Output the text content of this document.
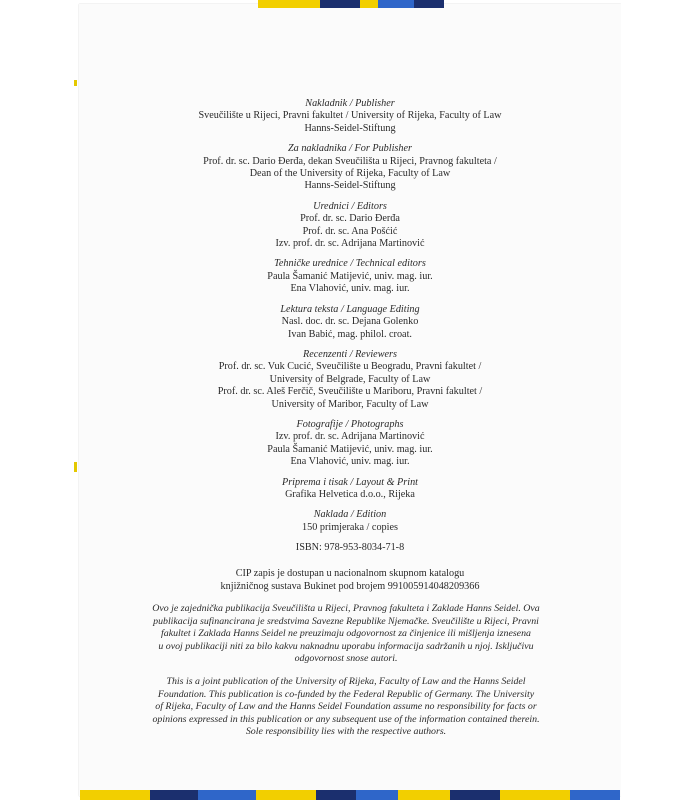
Nakladnik / Publisher
Sveučilište u Rijeci, Pravni fakultet / University of Rijeka, Faculty of Law
Hanns-Seidel-Stiftung
Za nakladnika / For Publisher
Prof. dr. sc. Dario Đerđa, dekan Sveučilišta u Rijeci, Pravnog fakulteta /
Dean of the University of Rijeka, Faculty of Law
Hanns-Seidel-Stiftung
Urednici / Editors
Prof. dr. sc. Dario Đerđa
Prof. dr. sc. Ana Pošćić
Izv. prof. dr. sc. Adrijana Martinović
Tehničke urednice / Technical editors
Paula Šamanić Matijević, univ. mag. iur.
Ena Vlahović, univ. mag. iur.
Lektura teksta / Language Editing
Nasl. doc. dr. sc. Dejana Golenko
Ivan Babić, mag. philol. croat.
Recenzenti / Reviewers
Prof. dr. sc. Vuk Cucić, Sveučilište u Beogradu, Pravni fakultet /
University of Belgrade, Faculty of Law
Prof. dr. sc. Aleš Ferčič, Sveučilište u Mariboru, Pravni fakultet /
University of Maribor, Faculty of Law
Fotografije / Photographs
Izv. prof. dr. sc. Adrijana Martinović
Paula Šamanić Matijević, univ. mag. iur.
Ena Vlahović, univ. mag. iur.
Priprema i tisak / Layout & Print
Grafika Helvetica d.o.o., Rijeka
Naklada / Edition
150 primjeraka / copies
ISBN: 978-953-8034-71-8
CIP zapis je dostupan u nacionalnom skupnom katalogu
knjižničnog sustava Bukinet pod brojem 991005914048209366
Ovo je zajednička publikacija Sveučilišta u Rijeci, Pravnog fakulteta i Zaklade Hanns Seidel. Ova
publikacija sufinancirana je sredstvima Savezne Republike Njemačke. Sveučilište u Rijeci, Pravni
fakultet i Zaklada Hanns Seidel ne preuzimaju odgovornost za činjenice ili mišljenja iznesena
u ovoj publikaciji niti za bilo kakvu naknadnu uporabu informacija sadržanih u njoj. Isključivu
odgovornost snose autori.
This is a joint publication of the University of Rijeka, Faculty of Law and the Hanns Seidel
Foundation. This publication is co-funded by the Federal Republic of Germany. The University
of Rijeka, Faculty of Law and the Hanns Seidel Foundation assume no responsibility for facts or
opinions expressed in this publication or any subsequent use of the information contained therein.
Sole responsibility lies with the respective authors.
